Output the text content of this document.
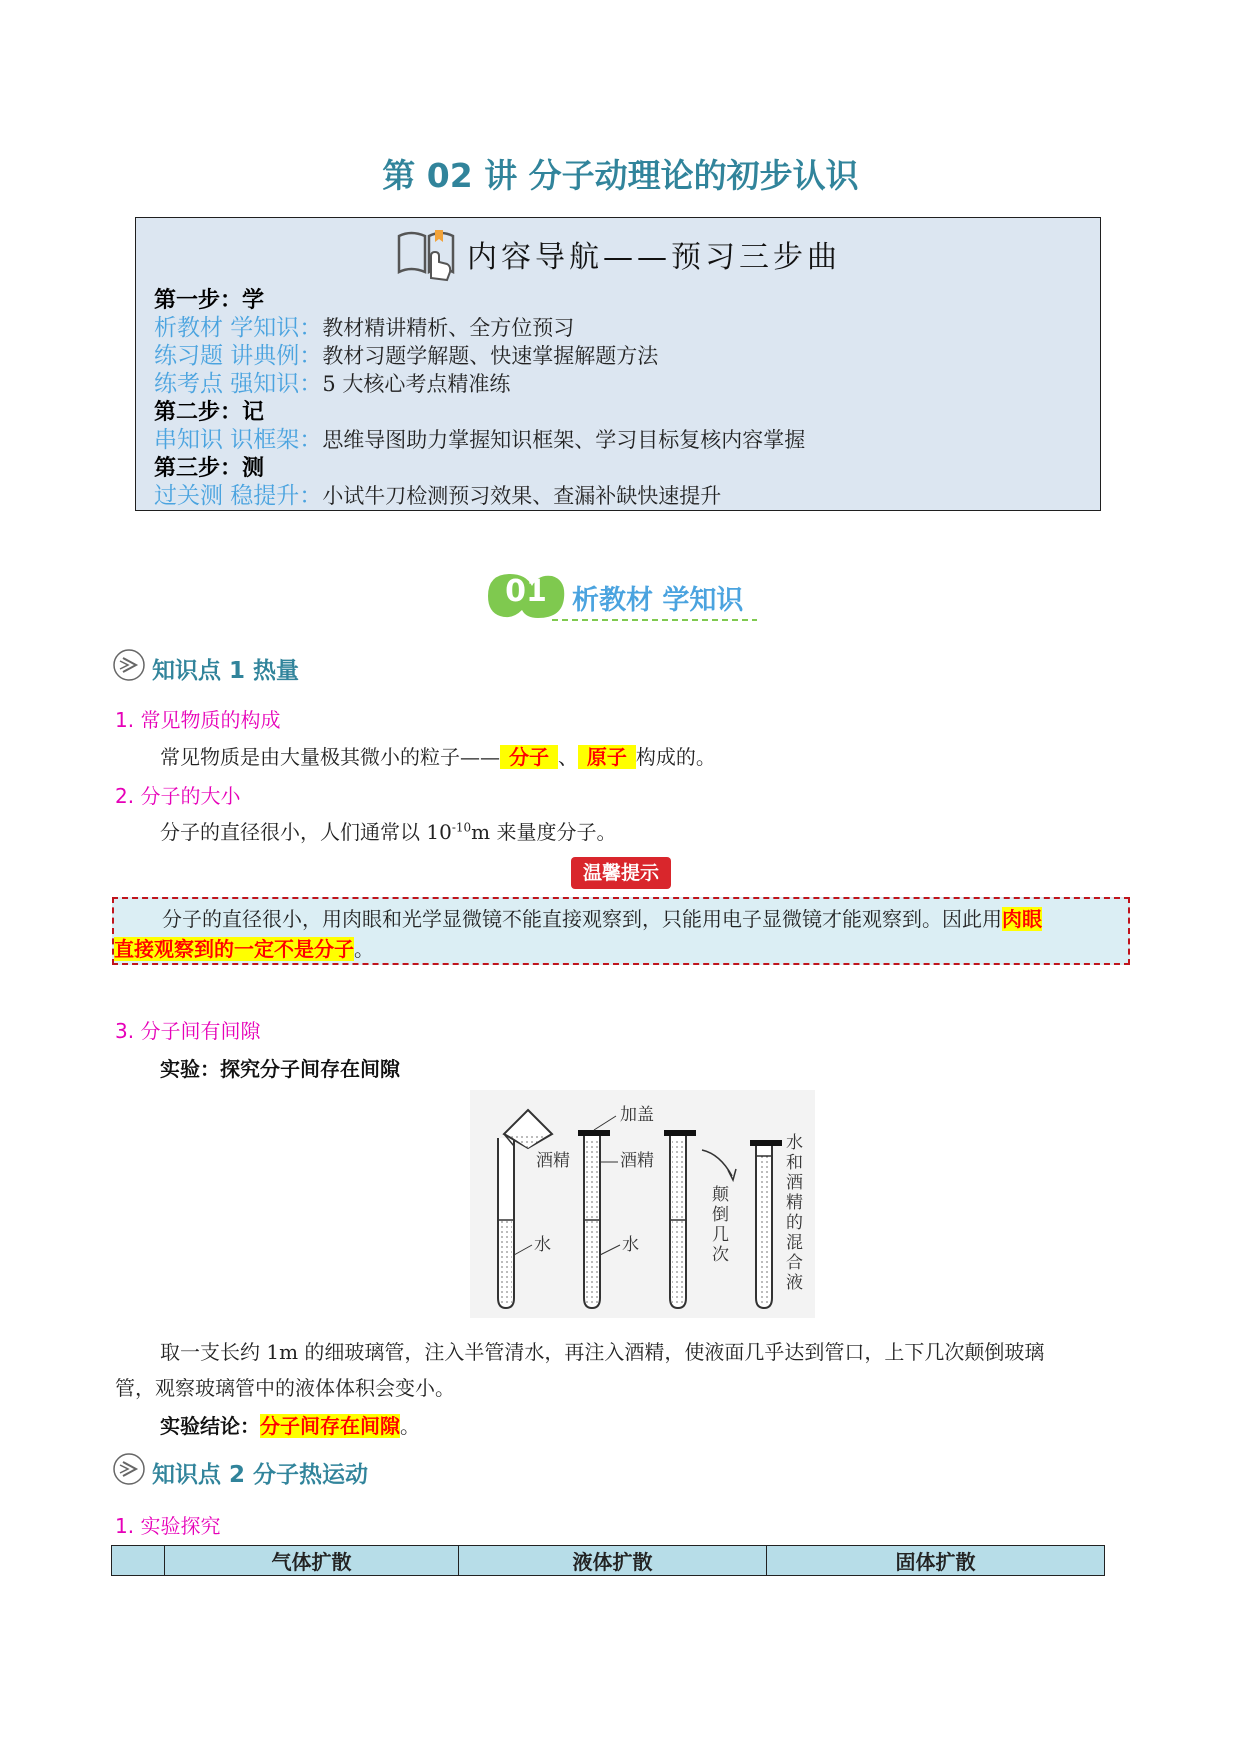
第 02 讲 分子动理论的初步认识
内容导航——预习三步曲
第一步：学
析教材 学知识：教材精讲精析、全方位预习
练习题 讲典例：教材习题学解题、快速掌握解题方法
练考点 强知识：5 大核心考点精准练
第二步：记
串知识 识框架：思维导图助力掌握知识框架、学习目标复核内容掌握
第三步：测
过关测 稳提升：小试牛刀检测预习效果、查漏补缺快速提升
01 析教材 学知识
知识点 1 热量
1. 常见物质的构成
常见物质是由大量极其微小的粒子—— 分子 、 原子 构成的。
2. 分子的大小
分子的直径很小，人们通常以 $10^{-10}m$ 来量度分子。
温馨提示
分子的直径很小，用肉眼和光学显微镜不能直接观察到，只能用电子显微镜才能观察到。因此用肉眼
直接观察到的一定不是分子。
3. 分子间有间隙
实验：探究分子间存在间隙
酒精
水
加盖
酒精
水
颠
倒
几
次
水
和
酒
精
的
混
合
液
取一支长约 1m 的细玻璃管，注入半管清水，再注入酒精，使液面几乎达到管口，上下几次颠倒玻璃
管，观察玻璃管中的液体体积会变小。
实验结论：分子间存在间隙。
知识点 2 分子热运动
1. 实验探究
	气体扩散	液体扩散	固体扩散
